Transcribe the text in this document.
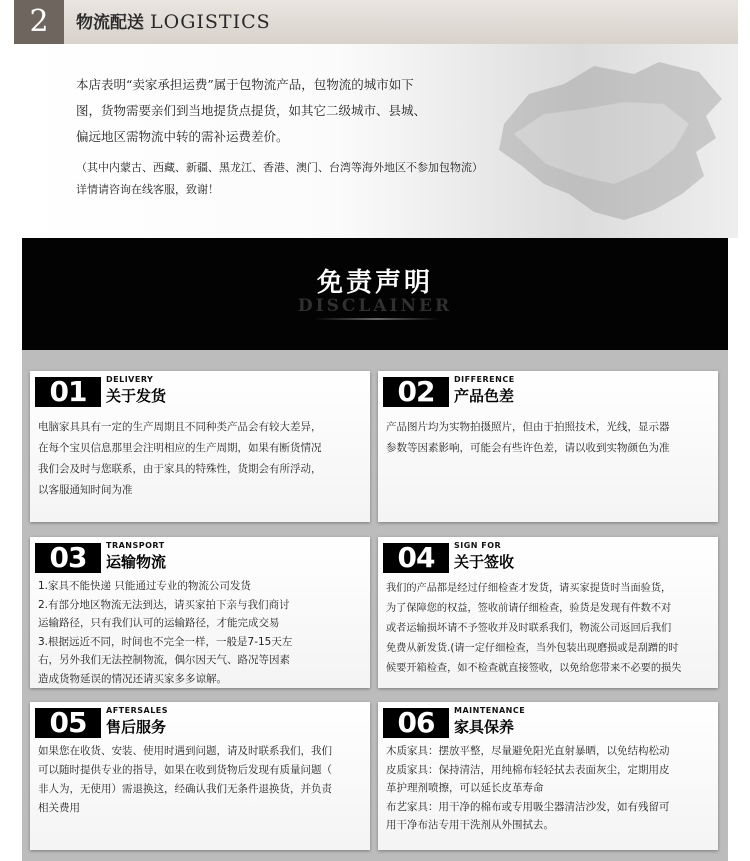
2	物流配送 LOGISTICS
本店表明“卖家承担运费”属于包物流产品，包物流的城市如下
图，货物需要亲们到当地提货点提货，如其它二级城市、县城、
偏远地区需物流中转的需补运费差价。
（其中内蒙古、西藏、新疆、黑龙江、香港、澳门、台湾等海外地区不参加包物流）
详情请咨询在线客服，致谢！
免责声明
DISCLAINER
01	DELIVERY
关于发货
电脑家具具有一定的生产周期且不同种类产品会有较大差异，
在每个宝贝信息那里会注明相应的生产周期，如果有断货情况
我们会及时与您联系，由于家具的特殊性，货期会有所浮动，
以客服通知时间为准
02	DIFFERENCE
产品色差
产品图片均为实物拍摄照片，但由于拍照技术，光线，显示器
参数等因素影响，可能会有些许色差，请以收到实物颜色为准
03	TRANSPORT
运输物流
1.家具不能快递 只能通过专业的物流公司发货
2.有部分地区物流无法到达，请买家拍下亲与我们商讨
运输路径，只有我们认可的运输路径，才能完成交易
3.根据远近不同，时间也不完全一样，一般是7-15天左
右，另外我们无法控制物流，偶尔因天气、路况等因素
造成货物延误的情况还请买家多多谅解。
04	SIGN FOR
关于签收
我们的产品都是经过仔细检查才发货，请买家提货时当面验货，
为了保障您的权益，签收前请仔细检查，验货是发现有件数不对
或者运输损坏请不予签收并及时联系我们，物流公司返回后我们
免费从新发货.(请一定仔细检查，当外包装出现磨损或是刮蹭的时
候要开箱检查，如不检查就直接签收，以免给您带来不必要的损失
05	AFTERSALES
售后服务
如果您在收货、安装、使用时遇到问题，请及时联系我们，我们
可以随时提供专业的指导，如果在收到货物后发现有质量问题（
非人为，无使用）需退换这，经确认我们无条件退换货，并负责
相关费用
06	MAINTENANCE
家具保养
木质家具：摆放平整，尽量避免阳光直射暴晒，以免结构松动
皮质家具：保持清洁，用纯棉布轻轻拭去表面灰尘，定期用皮
革护理剂喷擦，可以延长皮革寿命
布艺家具：用干净的棉布或专用吸尘器清洁沙发，如有残留可
用干净布沾专用干洗剂从外围拭去。
